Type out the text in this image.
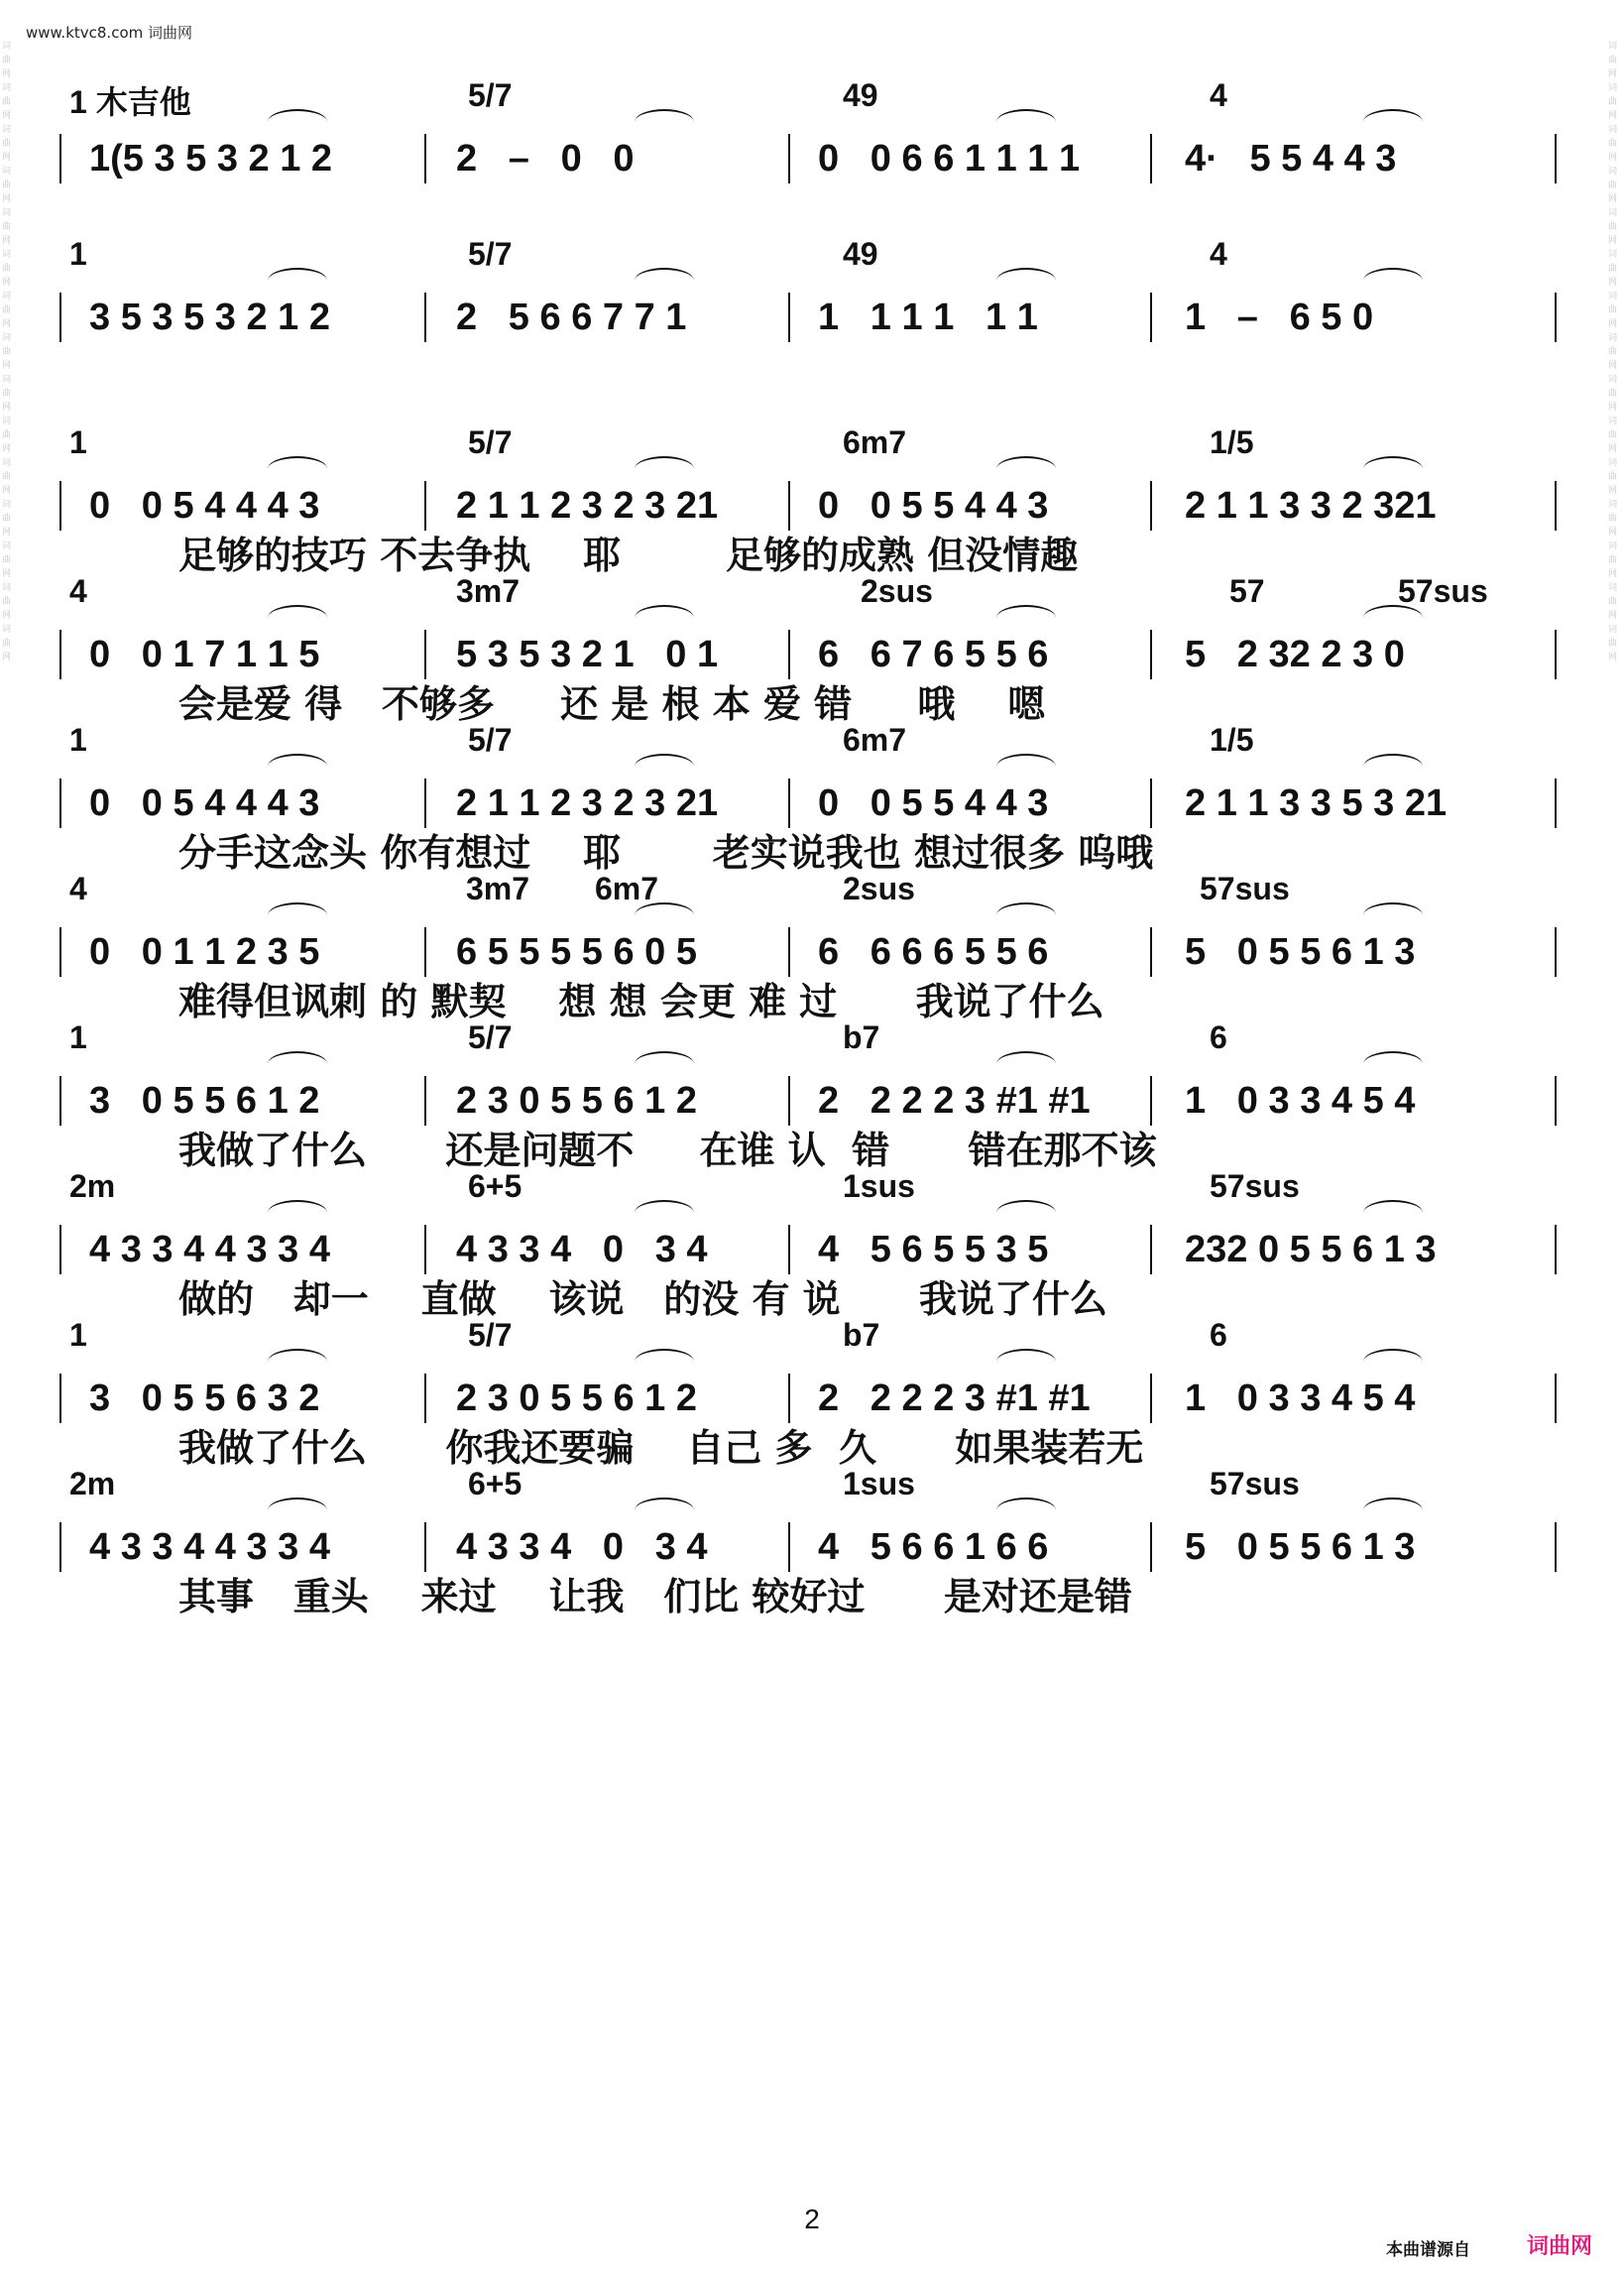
www.ktvc8.com 词曲网
词曲网词曲网词曲网词曲网词曲网词曲网词曲网词曲网词曲网词曲网词曲网词曲网词曲网词曲网词曲网
词曲网词曲网词曲网词曲网词曲网词曲网词曲网词曲网词曲网词曲网词曲网词曲网词曲网词曲网词曲网
1 木吉他	5/7	49	4
1(5 3 5 3 2 1 2	2   –   0   0	0   0 6 6 1 1 1 1	4·   5 5 4 4 3
1	5/7	49	4
3 5 3 5 3 2 1 2	2   5 6 6 7 7 1	1   1 1 1   1 1	1   –   6 5 0
1	5/7	6m7	1/5
0   0 5 4 4 4 3	2 1 1 2 3 2 3 21	0   0 5 5 4 4 3	2 1 1 3 3 2 321
足够的技巧 不去争执    耶        足够的成熟 但没情趣
4	3m7	2sus	57	57sus
0   0 1 7 1 1 5	5 3 5 3 2 1   0 1	6   6 7 6 5 5 6	5   2 32 2 3 0
会是爱 得   不够多     还 是 根 本 爱 错     哦    嗯
1	5/7	6m7	1/5
0   0 5 4 4 4 3	2 1 1 2 3 2 3 21	0   0 5 5 4 4 3	2 1 1 3 3 5 3 21
分手这念头 你有想过    耶       老实说我也 想过很多 呜哦
4	3m7 6m7	2sus	57sus
0   0 1 1 2 3 5	6 5 5 5 5 6 0 5	6   6 6 6 5 5 6	5   0 5 5 6 1 3
难得但讽刺 的 默契    想 想 会更 难 过      我说了什么
1	5/7	b7	6
3   0 5 5 6 1 2	2 3 0 5 5 6 1 2	2   2 2 2 3 #1 #1	1   0 3 3 4 5 4
我做了什么      还是问题不     在谁 认  错      错在那不该
2m	6+5	1sus	57sus
4 3 3 4 4 3 3 4	4 3 3 4   0   3 4	4   5 6 5 5 3 5	232 0 5 5 6 1 3
做的   却一    直做    该说   的没 有 说      我说了什么
1	5/7	b7	6
3   0 5 5 6 3 2	2 3 0 5 5 6 1 2	2   2 2 2 3 #1 #1	1   0 3 3 4 5 4
我做了什么      你我还要骗    自己 多  久      如果装若无
2m	6+5	1sus	57sus
4 3 3 4 4 3 3 4	4 3 3 4   0   3 4	4   5 6 6 1 6 6	5   0 5 5 6 1 3
其事   重头    来过    让我   们比 较好过      是对还是错
2
本曲谱源自	词曲网
